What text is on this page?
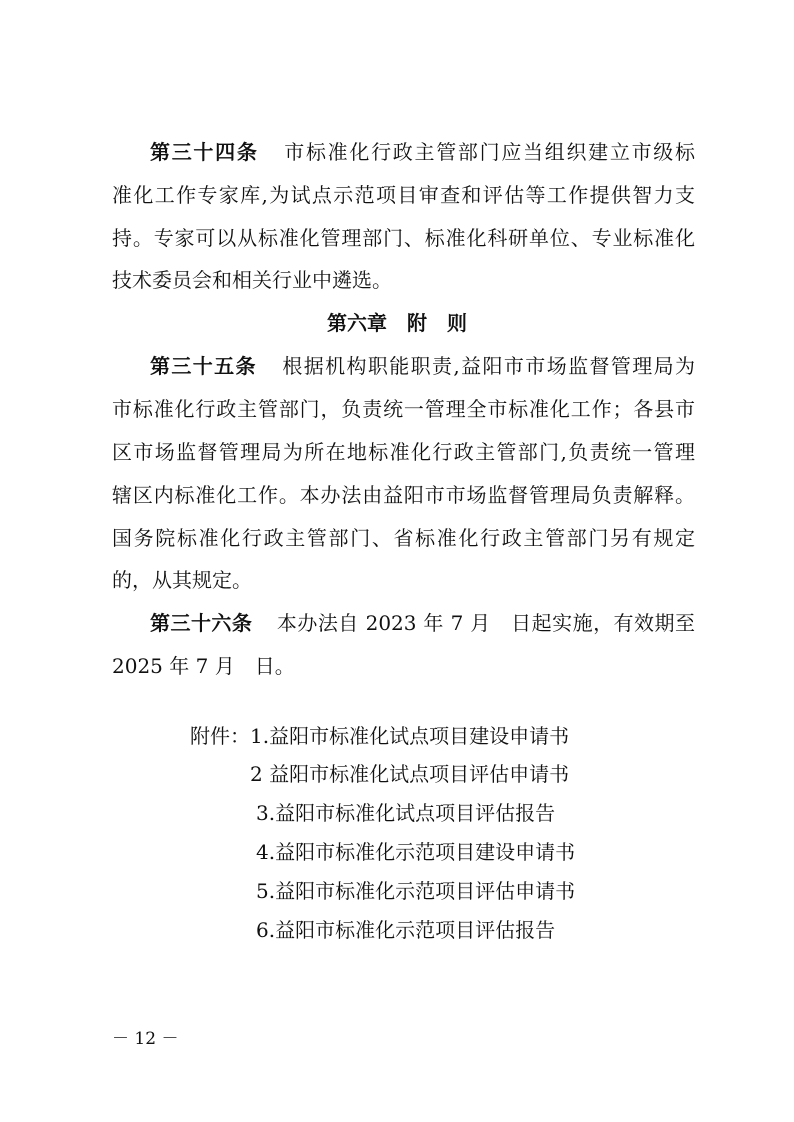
第三十四条 市标准化行政主管部门应当组织建立市级标
准化工作专家库,为试点示范项目审查和评估等工作提供智力支
持。专家可以从标准化管理部门、标准化科研单位、专业标准化
技术委员会和相关行业中遴选。
第六章　附　则
第三十五条 根据机构职能职责,益阳市市场监督管理局为
市标准化行政主管部门，负责统一管理全市标准化工作；各县市
区市场监督管理局为所在地标准化行政主管部门,负责统一管理
辖区内标准化工作。本办法由益阳市市场监督管理局负责解释。
国务院标准化行政主管部门、省标准化行政主管部门另有规定
的，从其规定。
第三十六条 本办法自 2023 年 7 月　日起实施，有效期至
2025 年 7 月　日。
附件：1.益阳市标准化试点项目建设申请书
2 益阳市标准化试点项目评估申请书
3.益阳市标准化试点项目评估报告
4.益阳市标准化示范项目建设申请书
5.益阳市标准化示范项目评估申请书
6.益阳市标准化示范项目评估报告
－ 12 －
